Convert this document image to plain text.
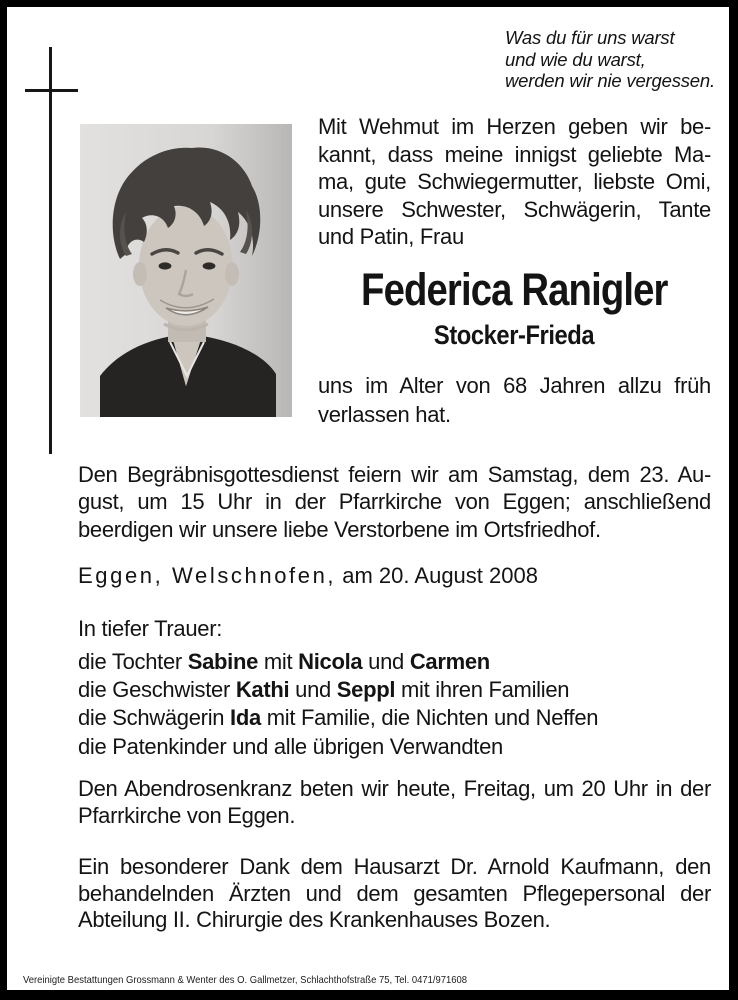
Was du für uns warst
und wie du warst,
werden wir nie vergessen.
Mit Wehmut im Herzen geben wir be-
kannt, dass meine innigst geliebte Ma-
ma, gute Schwiegermutter, liebste Omi,
unsere Schwester, Schwägerin, Tante
und Patin, Frau
Federica Ranigler
Stocker-Frieda
uns im Alter von 68 Jahren allzu früh
verlassen hat.
Den Begräbnisgottesdienst feiern wir am Samstag, dem 23. Au-
gust, um 15 Uhr in der Pfarrkirche von Eggen; anschließend
beerdigen wir unsere liebe Verstorbene im Ortsfriedhof.
Eggen, Welschnofen, am 20. August 2008
In tiefer Trauer:
die Tochter Sabine mit Nicola und Carmen
die Geschwister Kathi und Seppl mit ihren Familien
die Schwägerin Ida mit Familie, die Nichten und Neffen
die Patenkinder und alle übrigen Verwandten
Den Abendrosenkranz beten wir heute, Freitag, um 20 Uhr in der
Pfarrkirche von Eggen.
Ein besonderer Dank dem Hausarzt Dr. Arnold Kaufmann, den
behandelnden Ärzten und dem gesamten Pflegepersonal der
Abteilung II. Chirurgie des Krankenhauses Bozen.
Vereinigte Bestattungen Grossmann & Wenter des O. Gallmetzer, Schlachthofstraße 75, Tel. 0471/971608
